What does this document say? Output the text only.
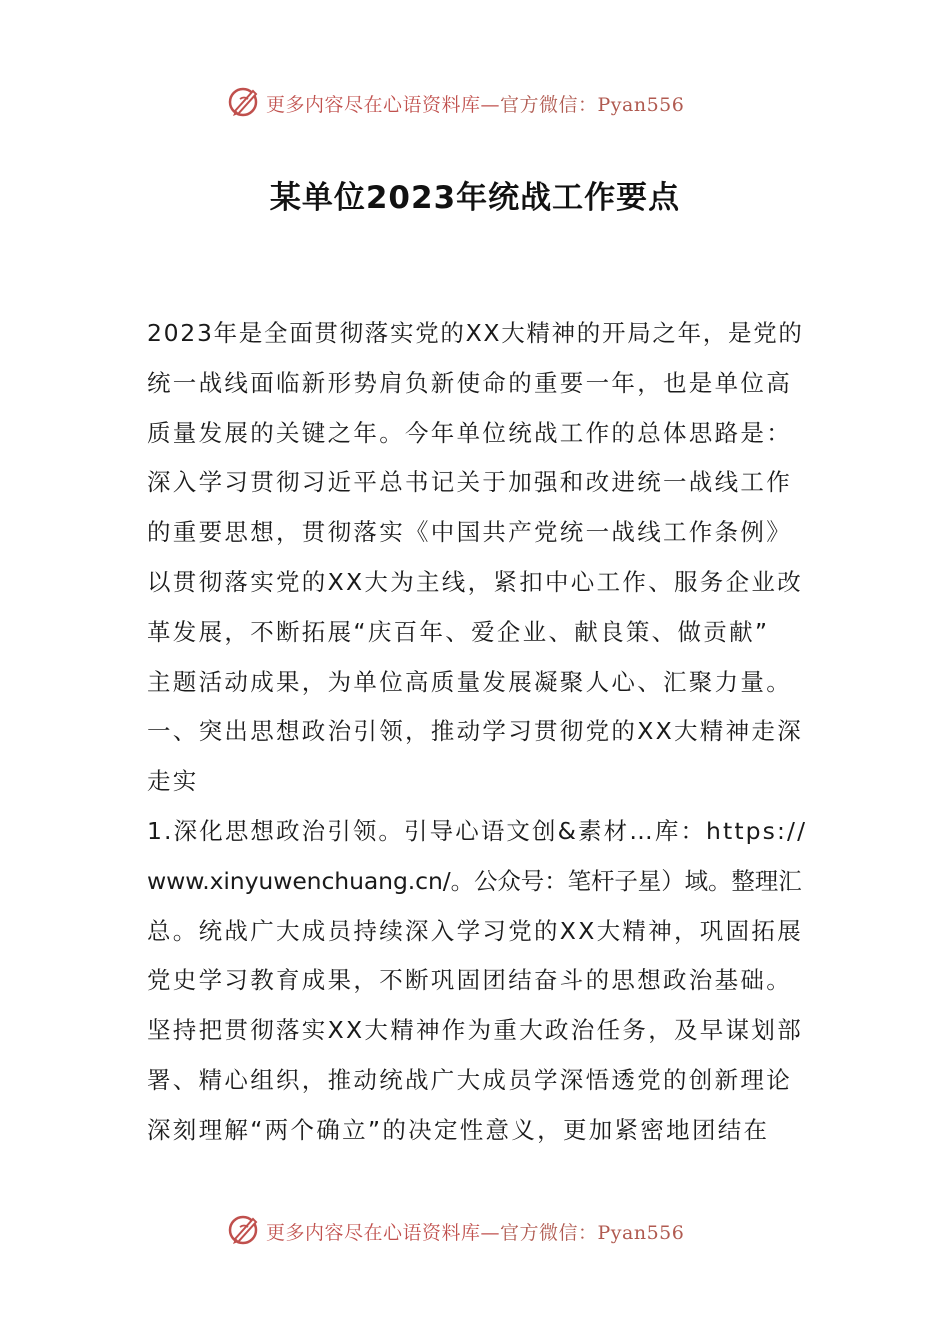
更多内容尽在心语资料库—官方微信：Pyan556
某单位2023年统战工作要点
2023年是全面贯彻落实党的XX大精神的开局之年，是党的
统一战线面临新形势肩负新使命的重要一年，也是单位高
质量发展的关键之年。今年单位统战工作的总体思路是：
深入学习贯彻习近平总书记关于加强和改进统一战线工作
的重要思想，贯彻落实《中国共产党统一战线工作条例》
以贯彻落实党的XX大为主线，紧扣中心工作、服务企业改
革发展，不断拓展“庆百年、爱企业、献良策、做贡献”
主题活动成果，为单位高质量发展凝聚人心、汇聚力量。
一、突出思想政治引领，推动学习贯彻党的XX大精神走深
走实
1.深化思想政治引领。引导心语文创&素材…库：https://
www.xinyuwenchuang.cn/。公众号：笔杆子星）域。整理汇
总。统战广大成员持续深入学习党的XX大精神，巩固拓展
党史学习教育成果，不断巩固团结奋斗的思想政治基础。
坚持把贯彻落实XX大精神作为重大政治任务，及早谋划部
署、精心组织，推动统战广大成员学深悟透党的创新理论
深刻理解“两个确立”的决定性意义，更加紧密地团结在
更多内容尽在心语资料库—官方微信：Pyan556
